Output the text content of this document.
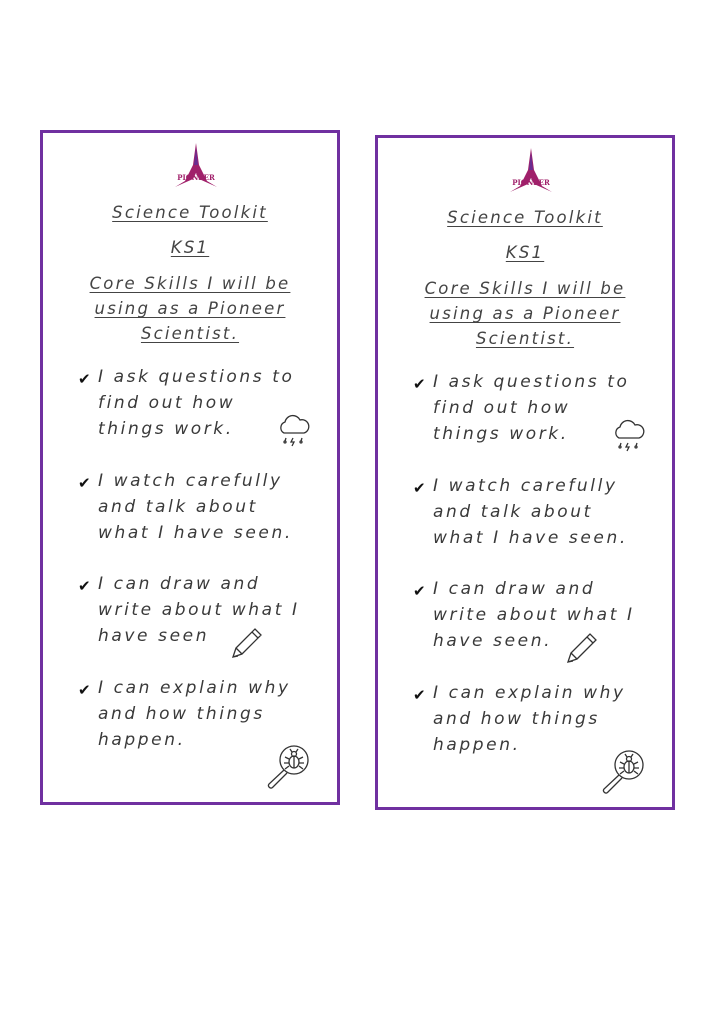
PIONEER
Science Toolkit
KS1
Core Skills I will be
using as a Pioneer
Scientist.
✔ I ask questions to
find out how
things work.
✔ I watch carefully
and talk about
what I have seen.
✔ I can draw and
write about what I
have seen
✔ I can explain why
and how things
happen.
PIONEER
Science Toolkit
KS1
Core Skills I will be
using as a Pioneer
Scientist.
✔ I ask questions to
find out how
things work.
✔ I watch carefully
and talk about
what I have seen.
✔ I can draw and
write about what I
have seen.
✔ I can explain why
and how things
happen.
